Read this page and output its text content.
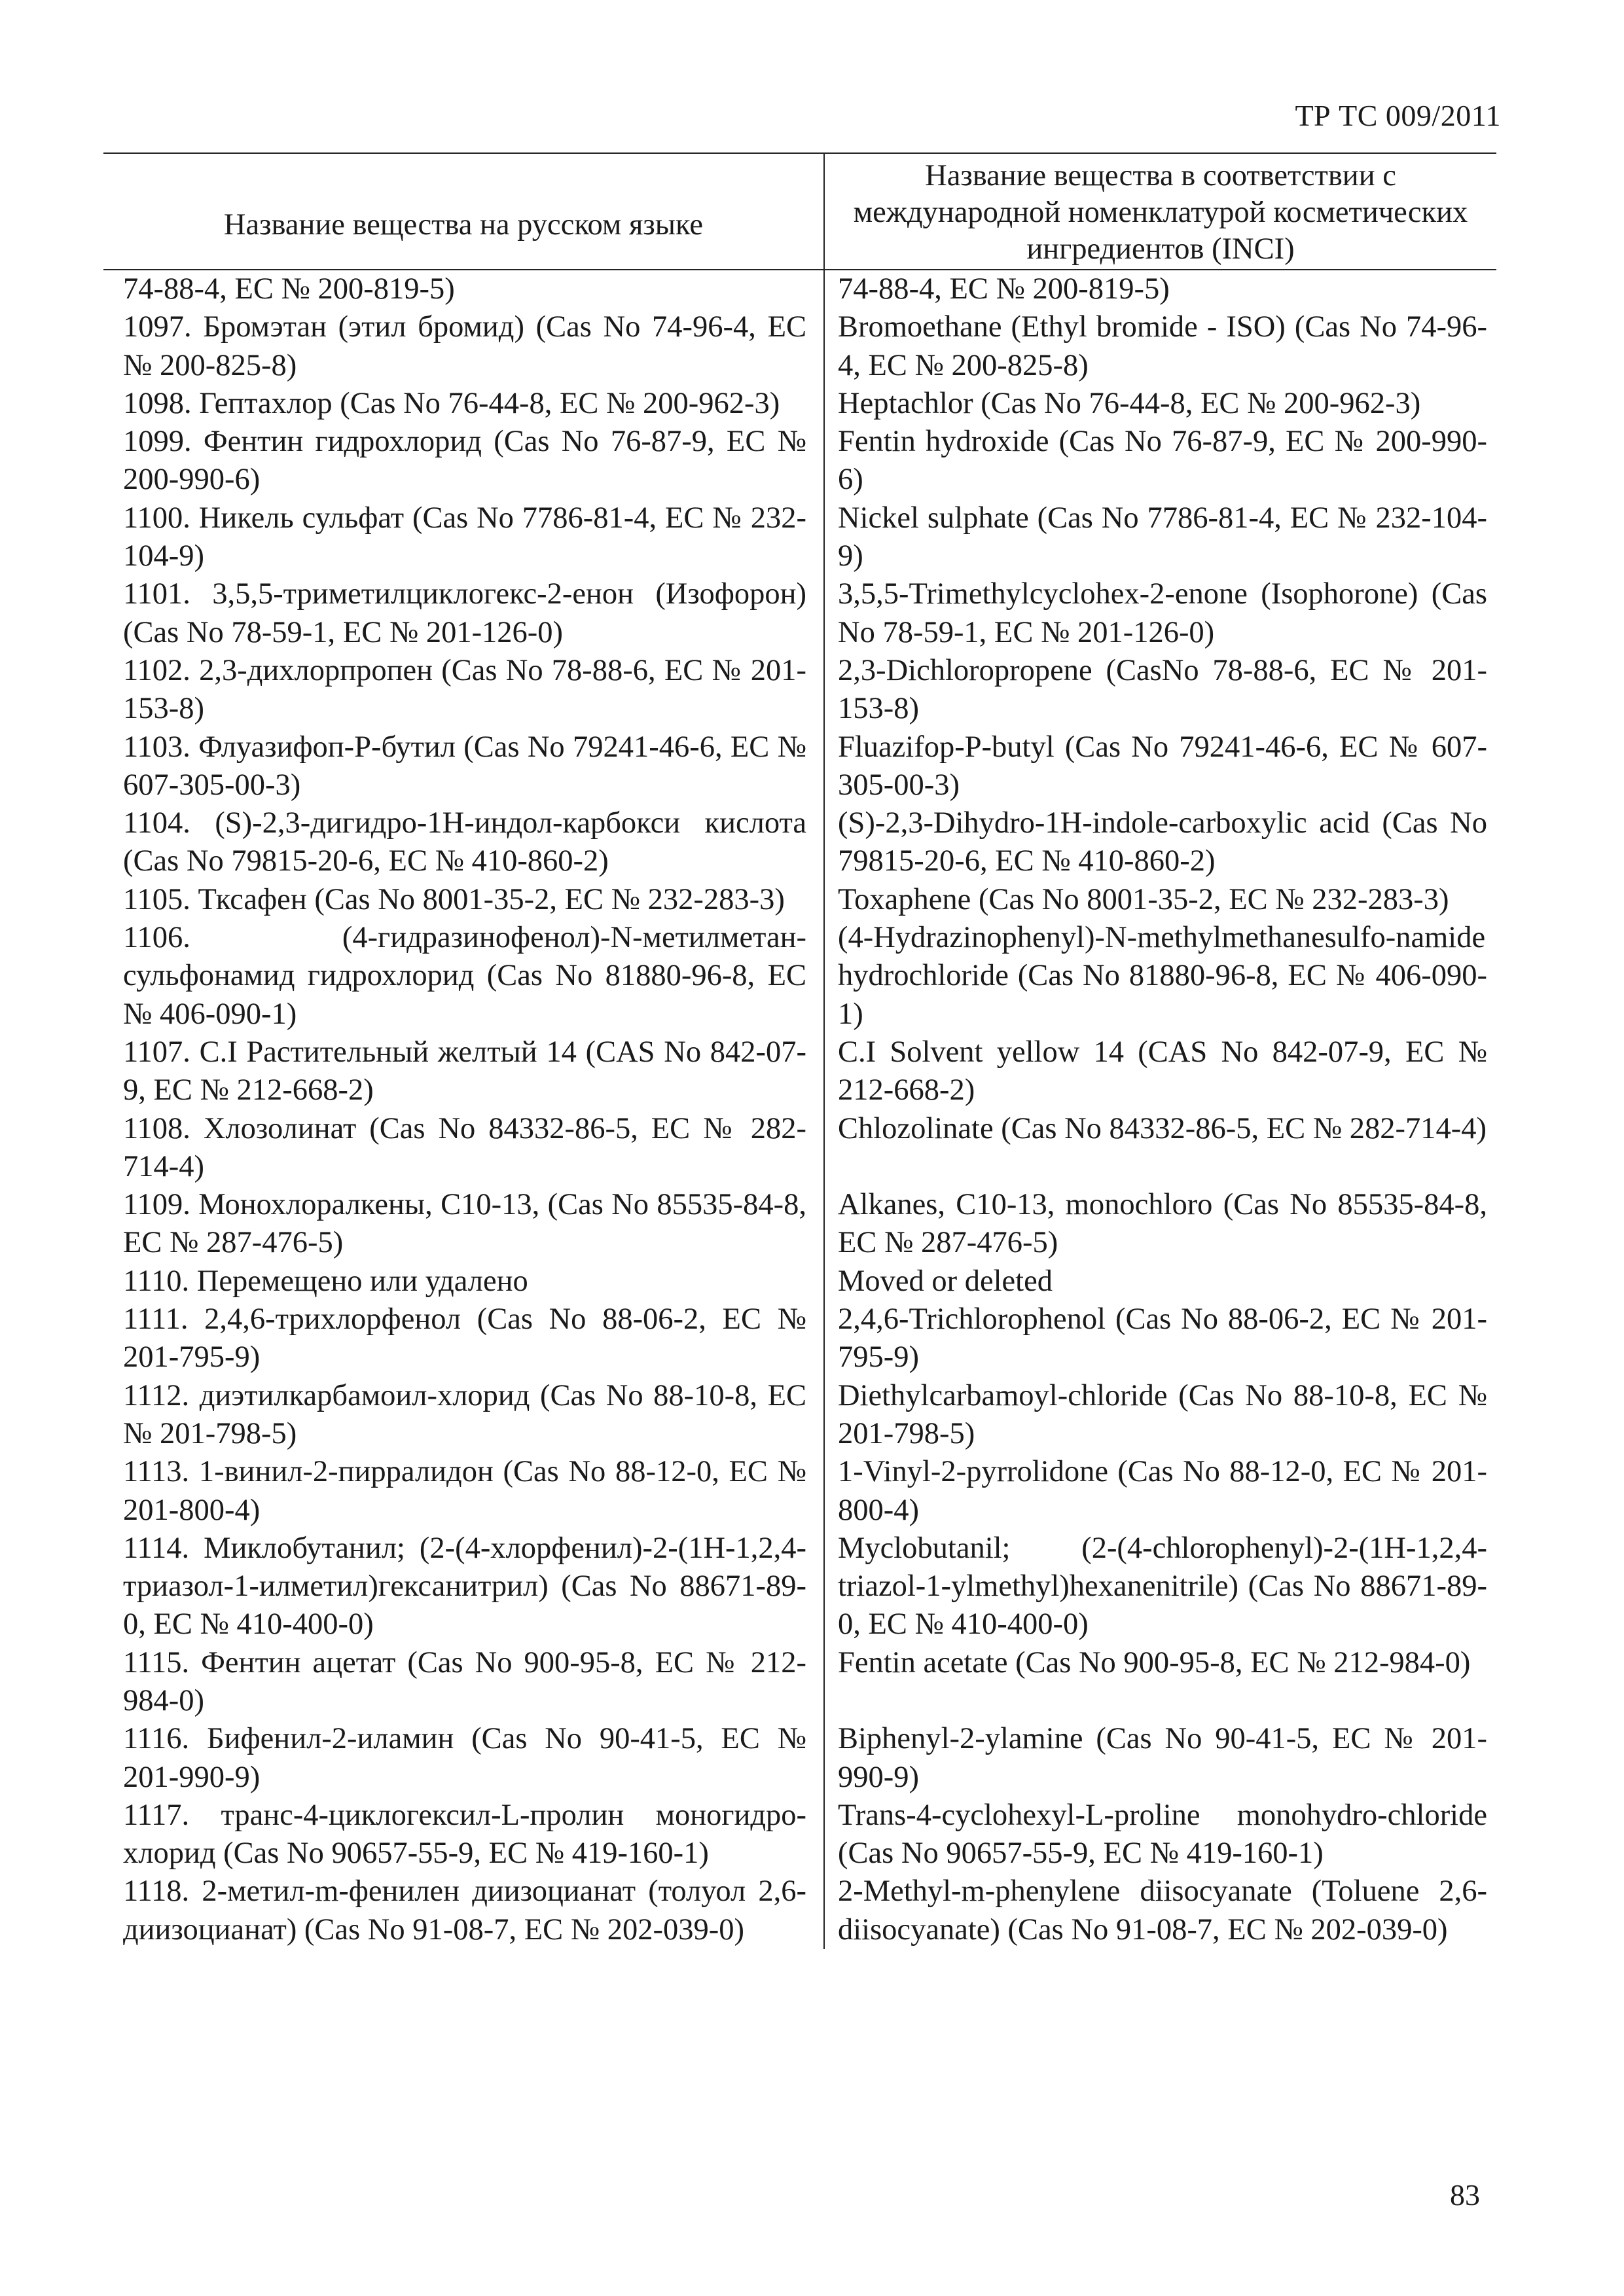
ТР ТС 009/2011
Название вещества на русском языке	Название вещества в соответствии с международной номенклатурой косметических ингредиентов (INCI)
74-88-4, ЕС № 200-819-5)	74-88-4, ЕС № 200-819-5)
1097. Бромэтан (этил бромид) (Cas No 74-96-4, ЕС № 200-825-8)	Bromoethane (Ethyl bromide - ISO) (Cas No 74-96-4, ЕС № 200-825-8)
1098. Гептахлор (Cas No 76-44-8, ЕС № 200-962-3)	Heptachlor (Cas No 76-44-8, ЕС № 200-962-3)
1099. Фентин гидрохлорид (Cas No 76-87-9, ЕС № 200-990-6)	Fentin hydroxide (Cas No 76-87-9, ЕС № 200-990-6)
1100. Никель сульфат (Cas No 7786-81-4, ЕС № 232-104-9)	Nickel sulphate (Cas No 7786-81-4, ЕС № 232-104-9)
1101. 3,5,5-триметилциклогекс-2-енон (Изофорон) (Cas No 78-59-1, ЕС № 201-126-0)	3,5,5-Trimethylcyclohex-2-enone (Isophorone) (Cas No 78-59-1, ЕС № 201-126-0)
1102. 2,3-дихлорпропен (Cas No 78-88-6, ЕС № 201-153-8)	2,3-Dichloropropene (CasNo 78-88-6, ЕС № 201-153-8)
1103. Флуазифоп-P-бутил (Cas No 79241-46-6, ЕС № 607-305-00-3)	Fluazifop-P-butyl (Cas No 79241-46-6, ЕС № 607-305-00-3)
1104. (S)-2,3-дигидро-1H-индол-карбокси кислота (Cas No 79815-20-6, ЕС № 410-860-2)	(S)-2,3-Dihydro-1H-indole-carboxylic acid (Cas No 79815-20-6, ЕС № 410-860-2)
1105. Тксафен (Cas No 8001-35-2, ЕС № 232-283-3)	Toxaphene (Cas No 8001-35-2, ЕС № 232-283-3)
1106. (4-гидразинофенол)-N-метилметан-сульфонамид гидрохлорид (Cas No 81880-96-8, ЕС № 406-090-1)	(4-Hydrazinophenyl)-N-methylmethanesulfo-namide hydrochloride (Cas No 81880-96-8, ЕС № 406-090-1)
1107. C.I Растительный желтый 14 (CAS No 842-07-9, ЕС № 212-668-2)	C.I Solvent yellow 14 (CAS No 842-07-9, ЕС № 212-668-2)
1108. Хлозолинат (Cas No 84332-86-5, ЕС № 282-714-4)	Chlozolinate (Cas No 84332-86-5, ЕС № 282-714-4)
1109. Монохлоралкены, C10-13, (Cas No 85535-84-8, ЕС № 287-476-5)	Alkanes, C10-13, monochloro (Cas No 85535-84-8, ЕС № 287-476-5)
1110. Перемещено или удалено	Moved or deleted
1111. 2,4,6-трихлорфенол (Cas No 88-06-2, ЕС № 201-795-9)	2,4,6-Trichlorophenol (Cas No 88-06-2, ЕС № 201-795-9)
1112. диэтилкарбамоил-хлорид (Cas No 88-10-8, ЕС № 201-798-5)	Diethylcarbamoyl-chloride (Cas No 88-10-8, ЕС № 201-798-5)
1113. 1-винил-2-пирралидон (Cas No 88-12-0, ЕС № 201-800-4)	1-Vinyl-2-pyrrolidone (Cas No 88-12-0, ЕС № 201-800-4)
1114. Миклобутанил; (2-(4-хлорфенил)-2-(1H-1,2,4-триазол-1-илметил)гексанитрил) (Cas No 88671-89-0, ЕС № 410-400-0)	Myclobutanil; (2-(4-chlorophenyl)-2-(1H-1,2,4-triazol-1-ylmethyl)hexanenitrile) (Cas No 88671-89-0, ЕС № 410-400-0)
1115. Фентин ацетат (Cas No 900-95-8, ЕС № 212-984-0)	Fentin acetate (Cas No 900-95-8, ЕС № 212-984-0)
1116. Бифенил-2-иламин (Cas No 90-41-5, ЕС № 201-990-9)	Biphenyl-2-ylamine (Cas No 90-41-5, ЕС № 201-990-9)
1117. транс-4-циклогексил-L-пролин моногидро-хлорид (Cas No 90657-55-9, ЕС № 419-160-1)	Trans-4-cyclohexyl-L-proline monohydro-chloride (Cas No 90657-55-9, ЕС № 419-160-1)
1118. 2-метил-m-фенилен диизоцианат (толуол 2,6-диизоцианат) (Cas No 91-08-7, ЕС № 202-039-0)	2-Methyl-m-phenylene diisocyanate (Toluene 2,6-diisocyanate) (Cas No 91-08-7, ЕС № 202-039-0)
83
